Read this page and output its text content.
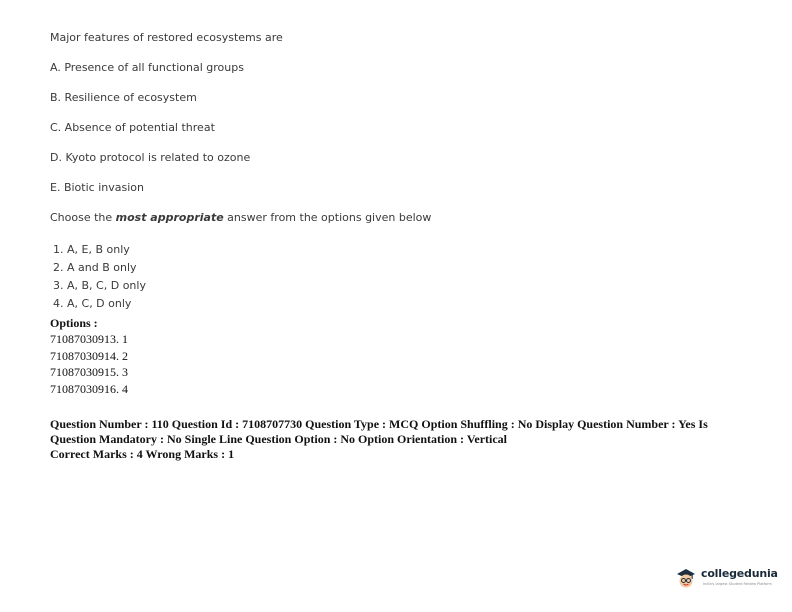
Major features of restored ecosystems are
A. Presence of all functional groups
B. Resilience of ecosystem
C. Absence of potential threat
D. Kyoto protocol is related to ozone
E. Biotic invasion
Choose the most appropriate answer from the options given below
1. A, E, B only
2. A and B only
3. A, B, C, D only
4. A, C, D only
Options :
71087030913. 1
71087030914. 2
71087030915. 3
71087030916. 4
Question Number : 110 Question Id : 7108707730 Question Type : MCQ Option Shuffling : No Display Question Number : Yes Is
Question Mandatory : No Single Line Question Option : No Option Orientation : Vertical
Correct Marks : 4 Wrong Marks : 1
collegedunia
India's largest Student Review Platform
